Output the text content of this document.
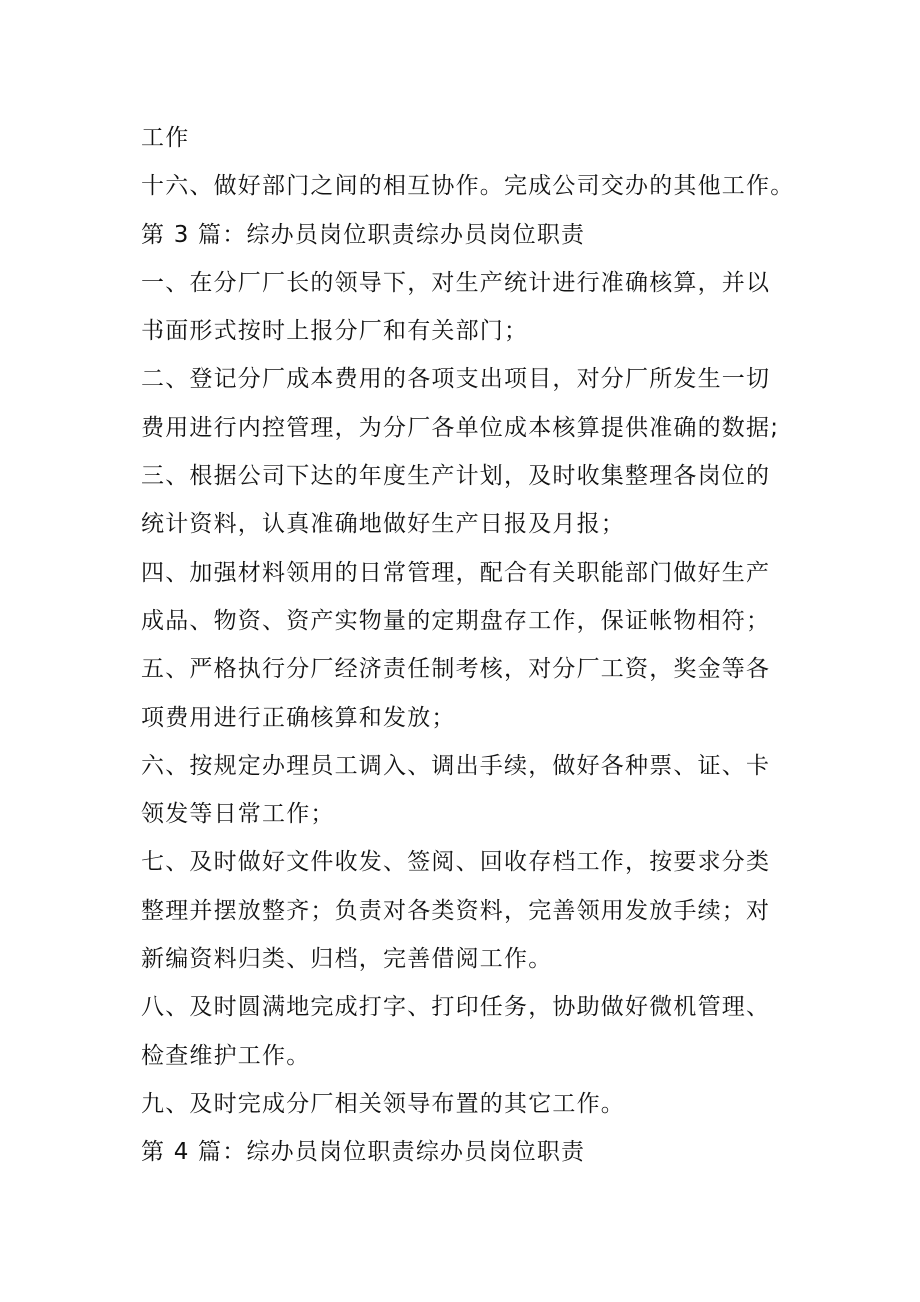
工作
十六、做好部门之间的相互协作。完成公司交办的其他工作。
第 3 篇：综办员岗位职责综办员岗位职责
一、在分厂厂长的领导下，对生产统计进行准确核算，并以
书面形式按时上报分厂和有关部门；
二、登记分厂成本费用的各项支出项目，对分厂所发生一切
费用进行内控管理，为分厂各单位成本核算提供准确的数据;
三、根据公司下达的年度生产计划，及时收集整理各岗位的
统计资料，认真准确地做好生产日报及月报；
四、加强材料领用的日常管理，配合有关职能部门做好生产
成品、物资、资产实物量的定期盘存工作，保证帐物相符；
五、严格执行分厂经济责任制考核，对分厂工资，奖金等各
项费用进行正确核算和发放；
六、按规定办理员工调入、调出手续，做好各种票、证、卡
领发等日常工作；
七、及时做好文件收发、签阅、回收存档工作，按要求分类
整理并摆放整齐；负责对各类资料，完善领用发放手续；对
新编资料归类、归档，完善借阅工作。
八、及时圆满地完成打字、打印任务，协助做好微机管理、
检查维护工作。
九、及时完成分厂相关领导布置的其它工作。
第 4 篇：综办员岗位职责综办员岗位职责
